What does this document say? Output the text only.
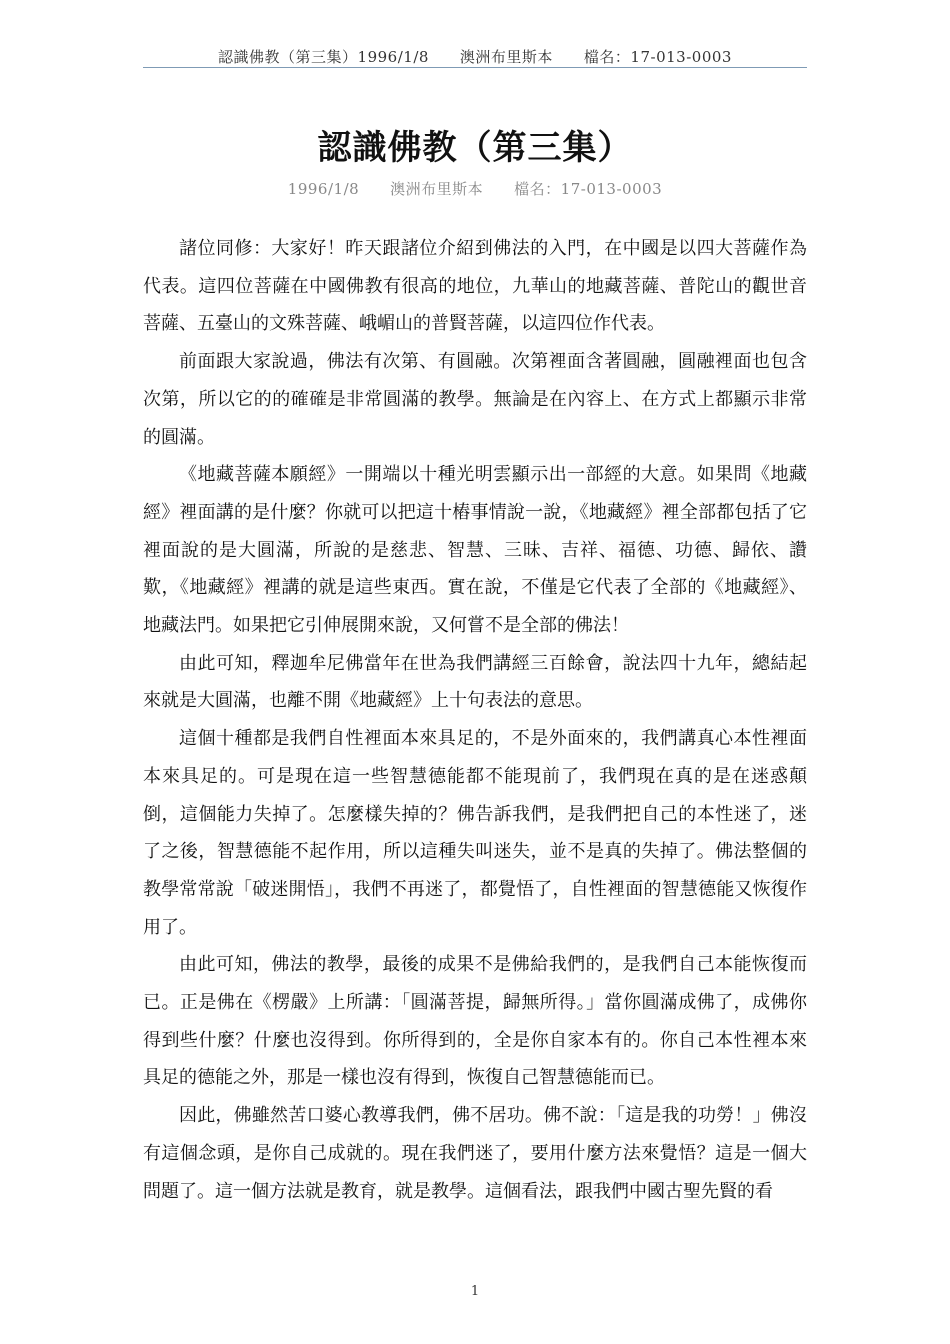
認識佛教（第三集）1996/1/8　　澳洲布里斯本　　檔名：17-013-0003
認識佛教（第三集）
1996/1/8　　澳洲布里斯本　　檔名：17-013-0003

諸位同修：大家好！昨天跟諸位介紹到佛法的入門，在中國是以四大菩薩作為代表。這四位菩薩在中國佛教有很高的地位，九華山的地藏菩薩、普陀山的觀世音菩薩、五臺山的文殊菩薩、峨嵋山的普賢菩薩，以這四位作代表。

前面跟大家說過，佛法有次第、有圓融。次第裡面含著圓融，圓融裡面也包含次第，所以它的的確確是非常圓滿的教學。無論是在內容上、在方式上都顯示非常的圓滿。

《地藏菩薩本願經》一開端以十種光明雲顯示出一部經的大意。如果問《地藏經》裡面講的是什麼？你就可以把這十樁事情說一說，《地藏經》裡全部都包括了它裡面說的是大圓滿，所說的是慈悲、智慧、三昧、吉祥、福德、功德、歸依、讚歎，《地藏經》裡講的就是這些東西。實在說，不僅是它代表了全部的《地藏經》、地藏法門。如果把它引伸展開來說，又何嘗不是全部的佛法！

由此可知，釋迦牟尼佛當年在世為我們講經三百餘會，說法四十九年，總結起來就是大圓滿，也離不開《地藏經》上十句表法的意思。

這個十種都是我們自性裡面本來具足的，不是外面來的，我們講真心本性裡面本來具足的。可是現在這一些智慧德能都不能現前了，我們現在真的是在迷惑顛倒，這個能力失掉了。怎麼樣失掉的？佛告訴我們，是我們把自己的本性迷了，迷了之後，智慧德能不起作用，所以這種失叫迷失，並不是真的失掉了。佛法整個的教學常常說「破迷開悟」，我們不再迷了，都覺悟了，自性裡面的智慧德能又恢復作用了。

由此可知，佛法的教學，最後的成果不是佛給我們的，是我們自己本能恢復而已。正是佛在《楞嚴》上所講：「圓滿菩提，歸無所得。」當你圓滿成佛了，成佛你得到些什麼？什麼也沒得到。你所得到的，全是你自家本有的。你自己本性裡本來具足的德能之外，那是一樣也沒有得到，恢復自己智慧德能而已。

因此，佛雖然苦口婆心教導我們，佛不居功。佛不說：「這是我的功勞！」佛沒有這個念頭，是你自己成就的。現在我們迷了，要用什麼方法來覺悟？這是一個大問題了。這一個方法就是教育，就是教學。這個看法，跟我們中國古聖先賢的看

1
